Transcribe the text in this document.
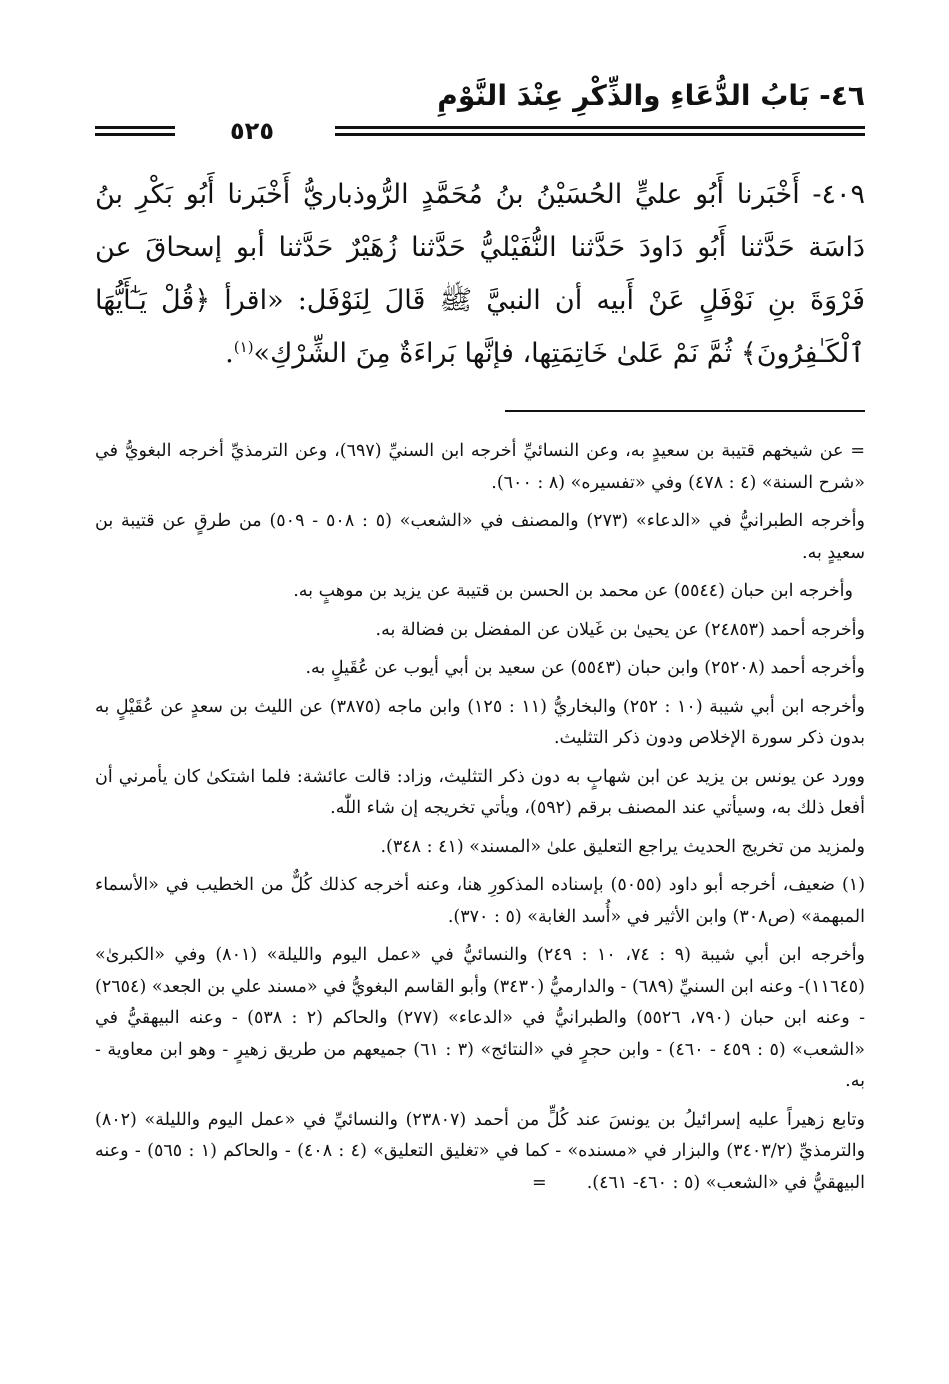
٤٦- بَابُ الدُّعَاءِ والذِّكْرِ عِنْدَ النَّوْمِ
٥٢٥

٤٠٩- أَخْبَرنا أَبُو عليٍّ الحُسَيْنُ بنُ مُحَمَّدٍ الرُّوذباريُّ أَخْبَرنا أَبُو بَكْرِ بنُ دَاسَة حَدَّثنا أَبُو دَاودَ حَدَّثنا النُّفَيْليُّ حَدَّثنا زُهَيْرٌ حَدَّثنا أبو إسحاقَ عن فَرْوَةَ بنِ نَوْفَلٍ عَنْ أَبيه أن النبيَّ ﷺ قَالَ لِنَوْفَل: «اقرأ ﴿قُلْ يَـٰٓأَيُّهَا ٱلْكَـٰفِرُونَ﴾ ثُمَّ نَمْ عَلىٰ خَاتِمَتِها، فإنَّها بَراءَةٌ مِنَ الشِّرْكِ»$^{(١)}$.

= عن شيخهم قتيبة بن سعيدٍ به، وعن النسائيِّ أخرجه ابن السنيِّ (٦٩٧)، وعن الترمذيِّ أخرجه البغويُّ في «شرح السنة» (٤ : ٤٧٨) وفي «تفسيره» (٨ : ٦٠٠).

وأخرجه الطبرانيُّ في «الدعاء» (٢٧٣) والمصنف في «الشعب» (٥ : ٥٠٨ - ٥٠٩) من طرقٍ عن قتيبة بن سعيدٍ به.

وأخرجه ابن حبان (٥٥٤٤) عن محمد بن الحسن بن قتيبة عن يزيد بن موهبٍ به.

وأخرجه أحمد (٢٤٨٥٣) عن يحيىٰ بن غَيلان عن المفضل بن فضالة به.

وأخرجه أحمد (٢٥٢٠٨) وابن حبان (٥٥٤٣) عن سعيد بن أبي أيوب عن عُقَيلٍ به.

وأخرجه ابن أبي شيبة (١٠ : ٢٥٢) والبخاريُّ (١١ : ١٢٥) وابن ماجه (٣٨٧٥) عن الليث بن سعدٍ عن عُقَيْلٍ به بدون ذكر سورة الإخلاص ودون ذكر التثليث.

وورد عن يونس بن يزيد عن ابن شهابٍ به دون ذكر التثليث، وزاد: قالت عائشة: فلما اشتكىٰ كان يأمرني أن أفعل ذلك به، وسيأتي عند المصنف برقم (٥٩٢)، ويأتي تخريجه إن شاء اللّٰه.

ولمزيد من تخريج الحديث يراجع التعليق علىٰ «المسند» (٤١ : ٣٤٨).

(١) ضعيف، أخرجه أبو داود (٥٠٥٥) بإسناده المذكورِ هنا، وعنه أخرجه كذلك كُلٌّ من الخطيب في «الأسماء المبهمة» (ص٣٠٨) وابن الأثير في «أُسد الغابة» (٥ : ٣٧٠).

وأخرجه ابن أبي شيبة (٩ : ٧٤، ١٠ : ٢٤٩) والنسائيُّ في «عمل اليوم والليلة» (٨٠١) وفي «الكبرىٰ» (١١٦٤٥)- وعنه ابن السنيِّ (٦٨٩) - والدارميُّ (٣٤٣٠) وأبو القاسم البغويُّ في «مسند علي بن الجعد» (٢٦٥٤) - وعنه ابن حبان (٧٩٠، ٥٥٢٦) والطبرانيُّ في «الدعاء» (٢٧٧) والحاكم (٢ : ٥٣٨) - وعنه البيهقيُّ في «الشعب» (٥ : ٤٥٩ - ٤٦٠) - وابن حجرٍ في «النتائج» (٣ : ٦١) جميعهم من طريق زهيرٍ - وهو ابن معاوية - به.

وتابع زهيراً عليه إسرائيلُ بن يونسَ عند كُلٍّ من أحمد (٢٣٨٠٧) والنسائيِّ في «عمل اليوم والليلة» (٨٠٢) والترمذيِّ (٣٤٠٣/٢) والبزار في «مسنده» - كما في «تغليق التعليق» (٤ : ٤٠٨) - والحاكم (١ : ٥٦٥) - وعنه البيهقيُّ في «الشعب» (٥ : ٤٦٠- ٤٦١).=
